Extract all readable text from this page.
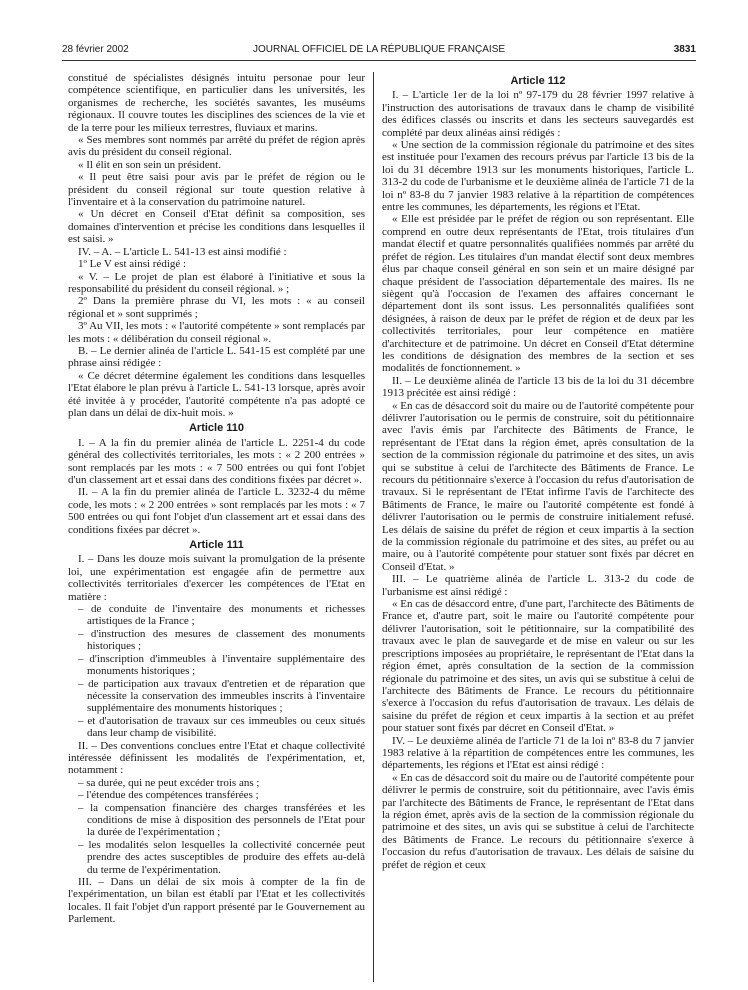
28 février 2002	JOURNAL OFFICIEL DE LA RÉPUBLIQUE FRANÇAISE	3831

constitué de spécialistes désignés intuitu personae pour leur compétence scientifique, en particulier dans les universités, les organismes de recherche, les sociétés savantes, les muséums régionaux. Il couvre toutes les disciplines des sciences de la vie et de la terre pour les milieux terrestres, fluviaux et marins.

« Ses membres sont nommés par arrêté du préfet de région après avis du président du conseil régional.

« Il élit en son sein un président.

« Il peut être saisi pour avis par le préfet de région ou le président du conseil régional sur toute question relative à l'inventaire et à la conservation du patrimoine naturel.

« Un décret en Conseil d'Etat définit sa composition, ses domaines d'intervention et précise les conditions dans lesquelles il est saisi. »

IV. – A. – L'article L. 541-13 est ainsi modifié :

1º Le V est ainsi rédigé :

« V. – Le projet de plan est élaboré à l'initiative et sous la responsabilité du président du conseil régional. » ;

2º Dans la première phrase du VI, les mots : « au conseil régional et » sont supprimés ;

3º Au VII, les mots : « l'autorité compétente » sont remplacés par les mots : « délibération du conseil régional ».

B. – Le dernier alinéa de l'article L. 541-15 est complété par une phrase ainsi rédigée :

« Ce décret détermine également les conditions dans lesquelles l'Etat élabore le plan prévu à l'article L. 541-13 lorsque, après avoir été invitée à y procéder, l'autorité compétente n'a pas adopté ce plan dans un délai de dix-huit mois. »

Article 110

I. – A la fin du premier alinéa de l'article L. 2251-4 du code général des collectivités territoriales, les mots : « 2 200 entrées » sont remplacés par les mots : « 7 500 entrées ou qui font l'objet d'un classement art et essai dans des conditions fixées par décret ».

II. – A la fin du premier alinéa de l'article L. 3232-4 du même code, les mots : « 2 200 entrées » sont remplacés par les mots : « 7 500 entrées ou qui font l'objet d'un classement art et essai dans des conditions fixées par décret ».

Article 111

I. – Dans les douze mois suivant la promulgation de la présente loi, une expérimentation est engagée afin de permettre aux collectivités territoriales d'exercer les compétences de l'Etat en matière :

– de conduite de l'inventaire des monuments et richesses artistiques de la France ;

– d'instruction des mesures de classement des monuments historiques ;

– d'inscription d'immeubles à l'inventaire supplémentaire des monuments historiques ;

– de participation aux travaux d'entretien et de réparation que nécessite la conservation des immeubles inscrits à l'inventaire supplémentaire des monuments historiques ;

– et d'autorisation de travaux sur ces immeubles ou ceux situés dans leur champ de visibilité.

II. – Des conventions conclues entre l'Etat et chaque collectivité intéressée définissent les modalités de l'expérimentation, et, notamment :

– sa durée, qui ne peut excéder trois ans ;

– l'étendue des compétences transférées ;

– la compensation financière des charges transférées et les conditions de mise à disposition des personnels de l'Etat pour la durée de l'expérimentation ;

– les modalités selon lesquelles la collectivité concernée peut prendre des actes susceptibles de produire des effets au-delà du terme de l'expérimentation.

III. – Dans un délai de six mois à compter de la fin de l'expérimentation, un bilan est établi par l'Etat et les collectivités locales. Il fait l'objet d'un rapport présenté par le Gouvernement au Parlement.

Article 112

I. – L'article 1er de la loi nº 97-179 du 28 février 1997 relative à l'instruction des autorisations de travaux dans le champ de visibilité des édifices classés ou inscrits et dans les secteurs sauvegardés est complété par deux alinéas ainsi rédigés :

« Une section de la commission régionale du patrimoine et des sites est instituée pour l'examen des recours prévus par l'article 13 bis de la loi du 31 décembre 1913 sur les monuments historiques, l'article L. 313-2 du code de l'urbanisme et le deuxième alinéa de l'article 71 de la loi nº 83-8 du 7 janvier 1983 relative à la répartition de compétences entre les communes, les départements, les régions et l'Etat.

« Elle est présidée par le préfet de région ou son représentant. Elle comprend en outre deux représentants de l'Etat, trois titulaires d'un mandat électif et quatre personnalités qualifiées nommés par arrêté du préfet de région. Les titulaires d'un mandat électif sont deux membres élus par chaque conseil général en son sein et un maire désigné par chaque président de l'association départementale des maires. Ils ne siègent qu'à l'occasion de l'examen des affaires concernant le département dont ils sont issus. Les personnalités qualifiées sont désignées, à raison de deux par le préfet de région et de deux par les collectivités territoriales, pour leur compétence en matière d'architecture et de patrimoine. Un décret en Conseil d'Etat détermine les conditions de désignation des membres de la section et ses modalités de fonctionnement. »

II. – Le deuxième alinéa de l'article 13 bis de la loi du 31 décembre 1913 précitée est ainsi rédigé :

« En cas de désaccord soit du maire ou de l'autorité compétente pour délivrer l'autorisation ou le permis de construire, soit du pétitionnaire avec l'avis émis par l'architecte des Bâtiments de France, le représentant de l'Etat dans la région émet, après consultation de la section de la commission régionale du patrimoine et des sites, un avis qui se substitue à celui de l'architecte des Bâtiments de France. Le recours du pétitionnaire s'exerce à l'occasion du refus d'autorisation de travaux. Si le représentant de l'Etat infirme l'avis de l'architecte des Bâtiments de France, le maire ou l'autorité compétente est fondé à délivrer l'autorisation ou le permis de construire initialement refusé. Les délais de saisine du préfet de région et ceux impartis à la section de la commission régionale du patrimoine et des sites, au préfet ou au maire, ou à l'autorité compétente pour statuer sont fixés par décret en Conseil d'Etat. »

III. – Le quatrième alinéa de l'article L. 313-2 du code de l'urbanisme est ainsi rédigé :

« En cas de désaccord entre, d'une part, l'architecte des Bâtiments de France et, d'autre part, soit le maire ou l'autorité compétente pour délivrer l'autorisation, soit le pétitionnaire, sur la compatibilité des travaux avec le plan de sauvegarde et de mise en valeur ou sur les prescriptions imposées au propriétaire, le représentant de l'Etat dans la région émet, après consultation de la section de la commission régionale du patrimoine et des sites, un avis qui se substitue à celui de l'architecte des Bâtiments de France. Le recours du pétitionnaire s'exerce à l'occasion du refus d'autorisation de travaux. Les délais de saisine du préfet de région et ceux impartis à la section et au préfet pour statuer sont fixés par décret en Conseil d'Etat. »

IV. – Le deuxième alinéa de l'article 71 de la loi nº 83-8 du 7 janvier 1983 relative à la répartition de compétences entre les communes, les départements, les régions et l'Etat est ainsi rédigé :

« En cas de désaccord soit du maire ou de l'autorité compétente pour délivrer le permis de construire, soit du pétitionnaire, avec l'avis émis par l'architecte des Bâtiments de France, le représentant de l'Etat dans la région émet, après avis de la section de la commission régionale du patrimoine et des sites, un avis qui se substitue à celui de l'architecte des Bâtiments de France. Le recours du pétitionnaire s'exerce à l'occasion du refus d'autorisation de travaux. Les délais de saisine du préfet de région et ceux
